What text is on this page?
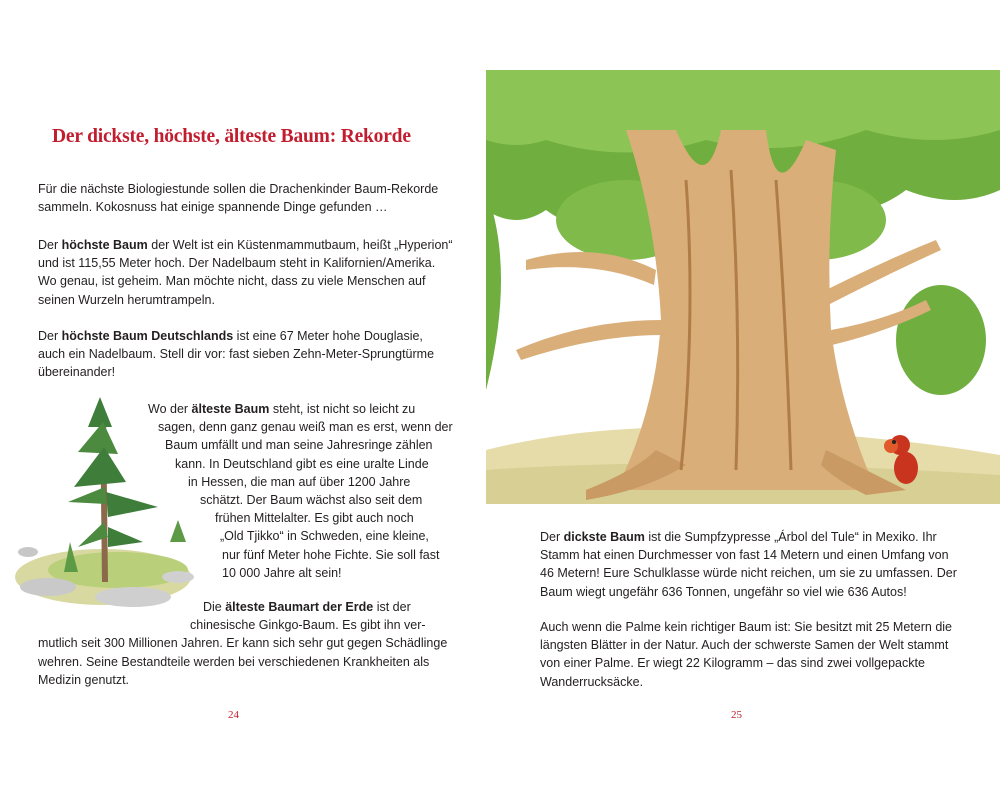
Der dickste, höchste, älteste Baum: Rekorde

Für die nächste Biologiestunde sollen die Drachenkinder Baum-Rekorde
sammeln. Kokosnuss hat einige spannende Dinge gefunden …

Der höchste Baum der Welt ist ein Küstenmammutbaum, heißt „Hyperion“
und ist 115,55 Meter hoch. Der Nadelbaum steht in Kalifornien/Amerika.
Wo genau, ist geheim. Man möchte nicht, dass zu viele Menschen auf
seinen Wurzeln herumtrampeln.

Der höchste Baum Deutschlands ist eine 67 Meter hohe Douglasie,
auch ein Nadelbaum. Stell dir vor: fast sieben Zehn-Meter-Sprungtürme
übereinander!

Wo der älteste Baum steht, ist nicht so leicht zu
sagen, denn ganz genau weiß man es erst, wenn der
Baum umfällt und man seine Jahresringe zählen
kann. In Deutschland gibt es eine uralte Linde
in Hessen, die man auf über 1200 Jahre
schätzt. Der Baum wächst also seit dem
frühen Mittelalter. Es gibt auch noch
„Old Tjikko“ in Schweden, eine kleine,
nur fünf Meter hohe Fichte. Sie soll fast
10 000 Jahre alt sein!
Die älteste Baumart der Erde ist der
chinesische Ginkgo-Baum. Es gibt ihn ver-
mutlich seit 300 Millionen Jahren. Er kann sich sehr gut gegen Schädlinge
wehren. Seine Bestandteile werden bei verschiedenen Krankheiten als
Medizin genutzt.
24

Der dickste Baum ist die Sumpfzypresse „Árbol del Tule“ in Mexiko. Ihr
Stamm hat einen Durchmesser von fast 14 Metern und einen Umfang von
46 Metern! Eure Schulklasse würde nicht reichen, um sie zu umfassen. Der
Baum wiegt ungefähr 636 Tonnen, ungefähr so viel wie 636 Autos!

Auch wenn die Palme kein richtiger Baum ist: Sie besitzt mit 25 Metern die
längsten Blätter in der Natur. Auch der schwerste Samen der Welt stammt
von einer Palme. Er wiegt 22 Kilogramm – das sind zwei vollgepackte
Wanderrucksäcke.

25
